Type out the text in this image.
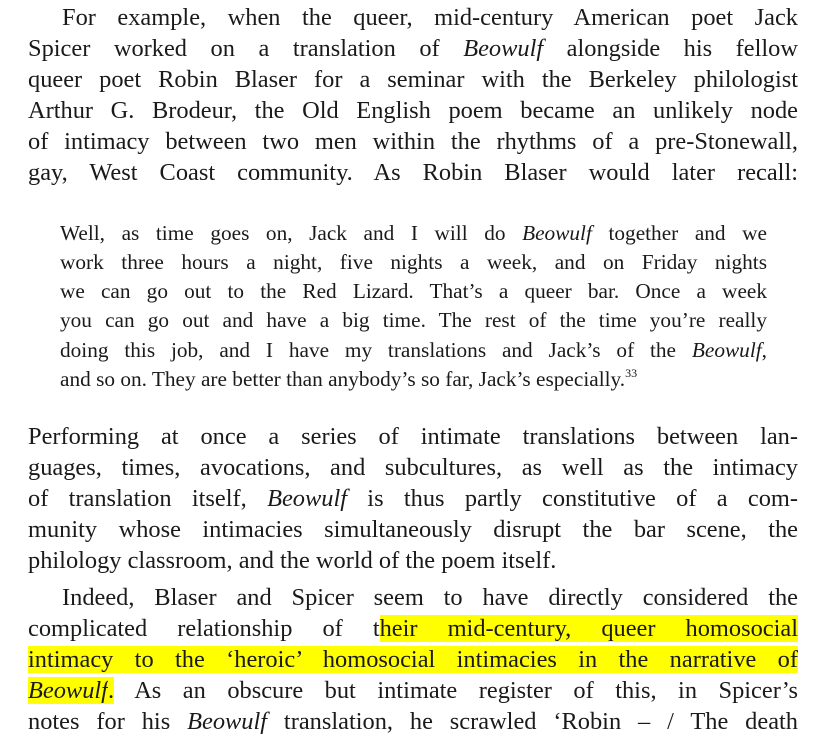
For example, when the queer, mid-century American poet Jack
Spicer worked on a translation of Beowulf alongside his fellow
queer poet Robin Blaser for a seminar with the Berkeley philologist
Arthur G. Brodeur, the Old English poem became an unlikely node
of intimacy between two men within the rhythms of a pre-Stonewall,
gay, West Coast community. As Robin Blaser would later recall:
Well, as time goes on, Jack and I will do Beowulf together and we
work three hours a night, five nights a week, and on Friday nights
we can go out to the Red Lizard. That’s a queer bar. Once a week
you can go out and have a big time. The rest of the time you’re really
doing this job, and I have my translations and Jack’s of the Beowulf,
and so on. They are better than anybody’s so far, Jack’s especially.$^{33}$
Performing at once a series of intimate translations between lan-
guages, times, avocations, and subcultures, as well as the intimacy
of translation itself, Beowulf is thus partly constitutive of a com-
munity whose intimacies simultaneously disrupt the bar scene, the
philology classroom, and the world of the poem itself.
Indeed, Blaser and Spicer seem to have directly considered the
complicated relationship of their mid-century, queer homosocial
intimacy to the ‘heroic’ homosocial intimacies in the narrative of
Beowulf. As an obscure but intimate register of this, in Spicer’s
notes for his Beowulf translation, he scrawled ‘Robin – / The death
